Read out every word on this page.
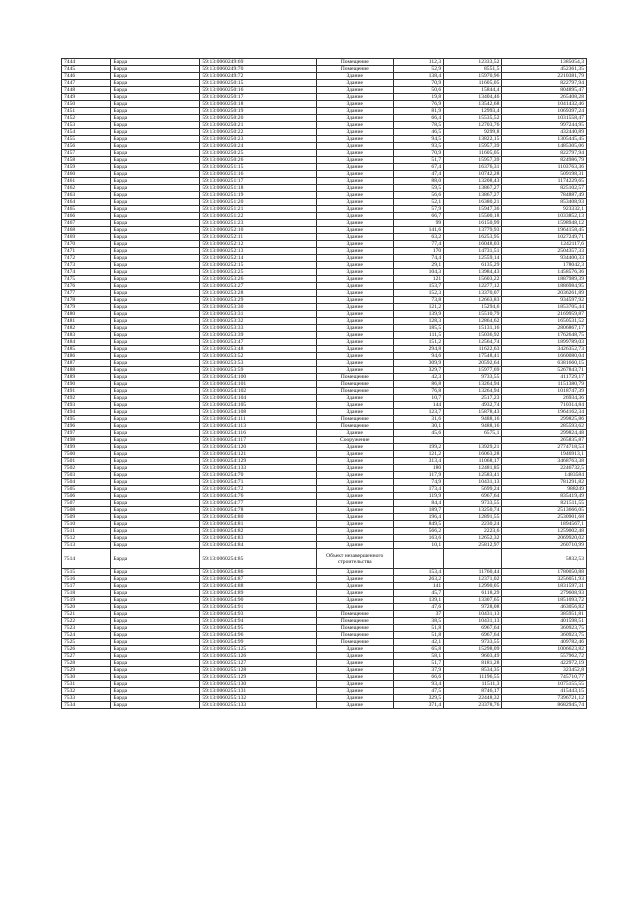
7444	Барда	59:13:0060249:69	Помещение	112,3	12333,52	1385054,3
7445	Барда	59:13:0060249:70	Помещение	52,9	8551,5	452361,35
7446	Барда	59:13:0060249:72	Здание	138,4	15970,96	2210381,79
7447	Барда	59:13:0060250:15	Здание	70,9	11605,05	822797,94
7448	Барда	59:13:0060250:16	Здание	50,6	15844,4	804895,47
7449	Барда	59:13:0060250:17	Здание	19,8	13404,46	265408,28
7450	Барда	59:13:0060250:18	Здание	76,9	13542,68	1041432,46
7451	Барда	59:13:0060250:19	Здание	81,9	12993,4	1069397,24
7452	Барда	59:13:0060250:20	Здание	66,4	15535,52	1031558,47
7453	Барда	59:13:0060250:21	Здание	78,5	12703,76	997244,95
7454	Барда	59:13:0060250:22	Здание	46,5	9299,8	432440,89
7455	Барда	59:13:0060250:23	Здание	94,5	13822,15	1305445,45
7456	Барда	59:13:0060250:24	Здание	93,5	15957,39	1485305,06
7457	Барда	59:13:0060250:25	Здание	70,9	11605,05	822797,94
7458	Барда	59:13:0060250:26	Здание	51,7	15957,39	824986,79
7459	Барда	59:13:0060251:15	Здание	67,4	16376,31	1103763,36
7460	Барда	59:13:0060251:16	Здание	47,4	10742,28	509198,31
7461	Барда	59:13:0060251:17	Здание	88,0	13208,43	1174229,65
7462	Барда	59:13:0060251:18	Здание	59,5	13867,27	825102,57
7463	Барда	59:13:0060251:19	Здание	56,6	13867,27	784887,49
7464	Барда	59:13:0060251:20	Здание	52,1	16380,21	853408,93
7465	Барда	59:13:0060251:21	Здание	57,9	15947,36	923332,1
7466	Барда	59:13:0060251:22	Здание	66,7	15500,18	1033852,13
7467	Барда	59:13:0060251:23	Здание	99	16150,99	1598948,12
7468	Барда	59:13:0060252:10	Здание	141,6	13779,93	1964158,45
7469	Барда	59:13:0060252:11	Здание	63,2	16253,95	1027249,71
7470	Барда	59:13:0060252:12	Здание	77,4	16048,03	1242117,6
7471	Барда	59:13:0060252:13	Здание	170	14731,51	2504357,33
7472	Барда	59:13:0060252:14	Здание	74,4	12559,14	934400,33
7473	Барда	59:13:0060252:15	Здание	29,1	6135,29	178042,3
7474	Барда	59:13:0060253:25	Здание	104,3	13984,43	1458576,36
7475	Барда	59:13:0060253:26	Здание	121	15603,22	1887989,39
7476	Барда	59:13:0060253:27	Здание	153,7	12277,12	1886984,95
7477	Барда	59:13:0060253:28	Здание	152,3	13370,07	2036261,89
7478	Барда	59:13:0060253:29	Здание	73,8	12663,83	934597,92
7479	Барда	59:13:0060253:30	Здание	121,2	15294,6	1853705,44
7480	Барда	59:13:0060253:31	Здание	139,9	15510,79	2169959,87
7481	Барда	59:13:0060253:32	Здание	128,3	12864,62	1650531,52
7482	Барда	59:13:0060253:33	Здание	185,5	15131,16	2806867,17
7483	Барда	59:13:0060253:39	Здание	111,5	15036,92	1762648,75
7484	Барда	59:13:0060253:47	Здание	151,2	12564,74	1899789,03
7485	Барда	59:13:0060253:48	Здание	294,8	11622,63	3426352,73
7486	Барда	59:13:0060253:52	Здание	94,6	17548,41	1660080,04
7487	Барда	59:13:0060253:53	Здание	309,9	20592,64	6381660,15
7488	Барда	59:13:0060253:59	Здание	329,7	15977,69	5267843,71
7489	Барда	59:13:0060254:100	Помещение	42,3	9733,55	411729,17
7490	Барда	59:13:0060254:101	Помещение	86,8	13264,94	1151380,79
7491	Барда	59:13:0060254:102	Помещение	76,8	13264,94	1018747,39
7492	Барда	59:13:0060254:104	Здание	10,7	2517,23	26934,36
7493	Барда	59:13:0060254:105	Здание	144	4932,74	710314,84
7494	Барда	59:13:0060254:108	Здание	123,7	15878,43	1964162,34
7495	Барда	59:13:0060254:111	Помещение	31,6	9488,16	299825,86
7496	Барда	59:13:0060254:113	Помещение	30,1	9488,16	285593,62
7497	Барда	59:13:0060254:116	Здание	45,6	6575,1	299824,48
7498	Барда	59:13:0060254:117	Сооружение			265835,87
7499	Барда	59:13:0060254:120	Здание	199,2	13929,21	2774718,53
7500	Барда	59:13:0060254:121	Здание	121,2	16063,28	1946913,1
7501	Барда	59:13:0060254:129	Здание	313,4	11068,17	3468763,38
7502	Барда	59:13:0060254:133	Здание	180	12481,85	2246732,5
7503	Барда	59:13:0060254:70	Здание	117,9	12583,41	1483584
7504	Барда	59:13:0060254:71	Здание	74,9	10431,13	781291,82
7505	Барда	59:13:0060254:72	Здание	173,4	5699,24	988249
7506	Барда	59:13:0060254:76	Здание	119,9	6967,64	835419,49
7507	Барда	59:13:0060254:77	Здание	84,4	9733,55	821511,55
7508	Барда	59:13:0060254:78	Здание	189,7	13250,74	2513666,05
7509	Барда	59:13:0060254:80	Здание	196,4	12891,55	2530901,68
7510	Барда	59:13:0060254:81	Здание	849,5	2230,24	1894567,1
7511	Барда	59:13:0060254:82	Здание	566,2	2223,6	1259002,48
7512	Барда	59:13:0060254:83	Здание	163,6	12652,32	2069920,02
7513	Барда	59:13:0060254:84	Здание	10,1	25812,97	260710,99
7514	Барда	59:13:0060254:85	Объект незавершенного строительства			5832,53
7515	Барда	59:13:0060254:86	Здание	153,4	11760,44	1780050,88
7516	Барда	59:13:0060254:87	Здание	263,2	12371,02	3256051,93
7517	Барда	59:13:0060254:88	Здание	141	12990,05	1831597,31
7518	Барда	59:13:0060254:89	Здание	45,7	6118,29	279608,93
7519	Барда	59:13:0060254:90	Здание	139,1	13307,65	1851093,72
7520	Барда	59:13:0060254:91	Здание	47,6	9728,08	463056,82
7521	Барда	59:13:0060254:93	Помещение	37	10431,13	385951,81
7522	Барда	59:13:0060254:94	Помещение	38,5	10431,13	401598,51
7523	Барда	59:13:0060254:95	Помещение	51,8	6967,64	360923,75
7524	Барда	59:13:0060254:96	Помещение	51,8	6967,64	360923,75
7525	Барда	59:13:0060254:99	Помещение	42,1	9733,55	409782,46
7526	Барда	59:13:0060255:125	Здание	65,8	15298,09	1006623,82
7527	Барда	59:13:0060255:126	Здание	58,1	9603,49	557962,72
7528	Барда	59:13:0060255:127	Здание	51,7	8181,28	422972,19
7529	Барда	59:13:0060255:128	Здание	37,9	8534,35	323452,8
7530	Барда	59:13:0060255:129	Здание	66,6	11196,55	745710,77
7531	Барда	59:13:0060255:130	Здание	93,4	11511,3	1075155,55
7532	Барда	59:13:0060255:131	Здание	47,5	8746,17	415443,15
7533	Барда	59:13:0060255:132	Здание	329,5	22448,32	7396721,12
7534	Барда	59:13:0060255:133	Здание	371,4	23378,76	8682945,74
